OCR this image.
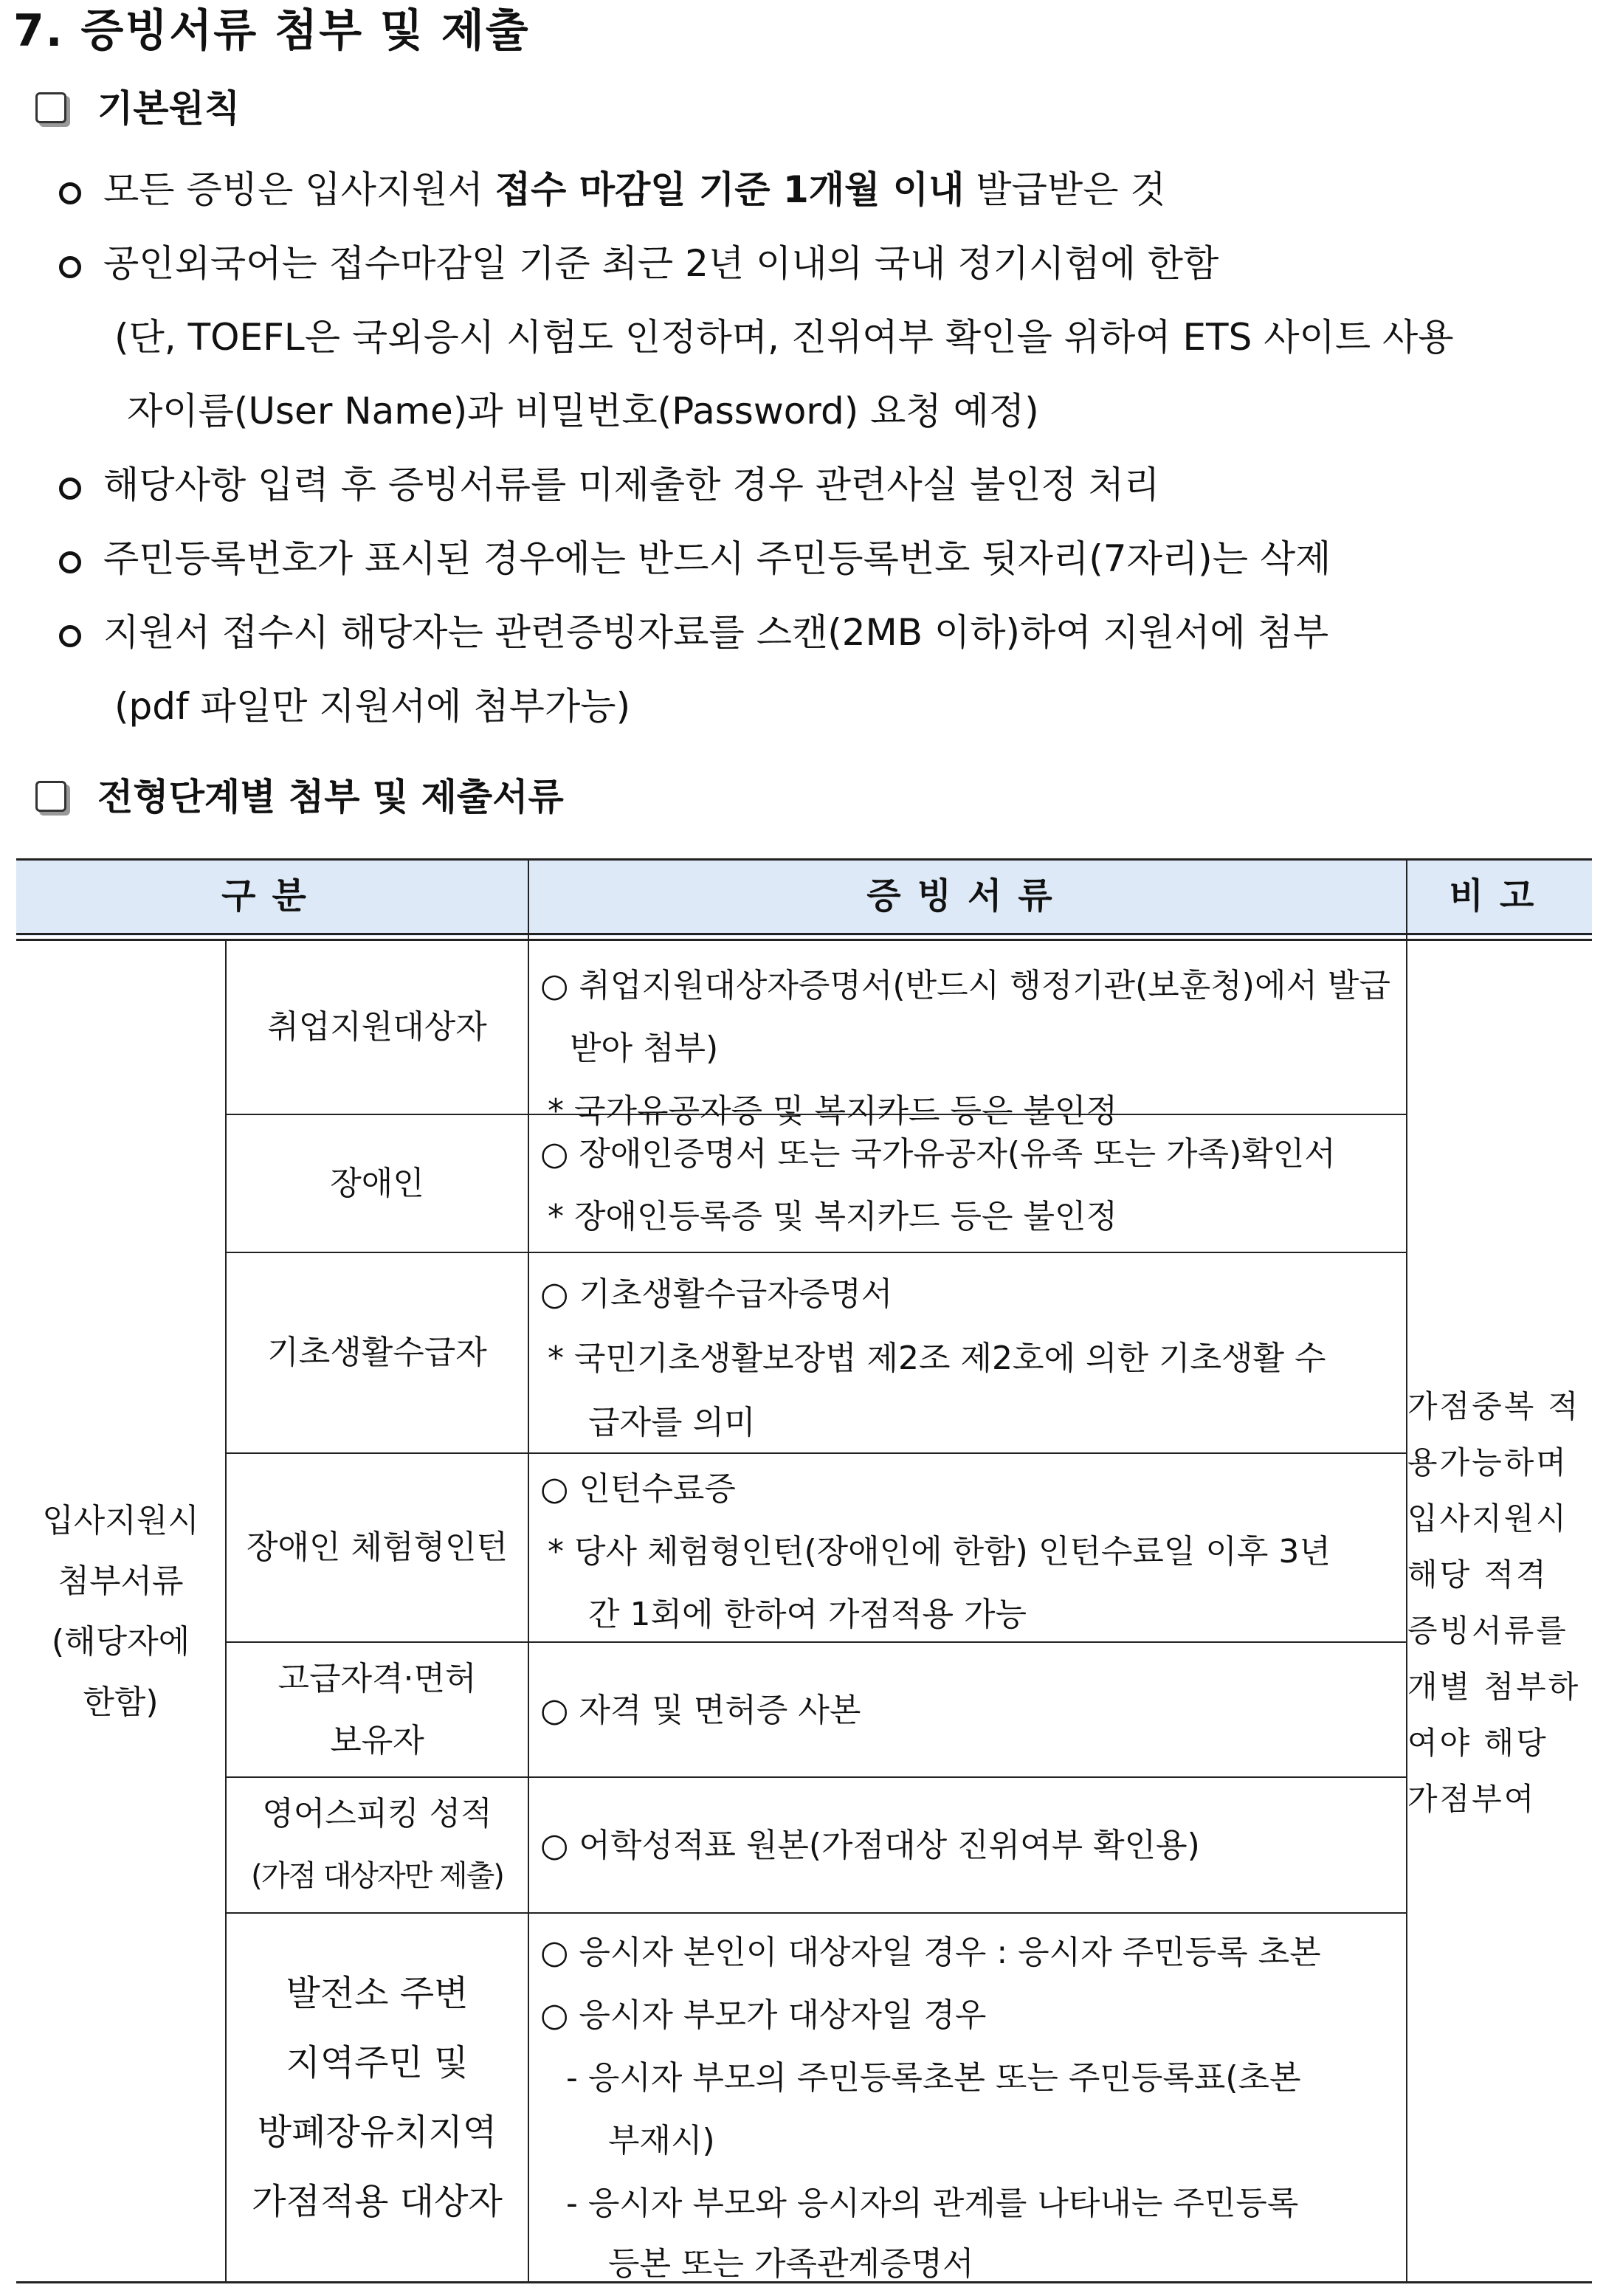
7. 증빙서류 첨부 및 제출
기본원칙
모든 증빙은 입사지원서 접수 마감일 기준 1개월 이내 발급받은 것
공인외국어는 접수마감일 기준 최근 2년 이내의 국내 정기시험에 한함
(단, TOEFL은 국외응시 시험도 인정하며, 진위여부 확인을 위하여 ETS 사이트 사용
자이름(User Name)과 비밀번호(Password) 요청 예정)
해당사항 입력 후 증빙서류를 미제출한 경우 관련사실 불인정 처리
주민등록번호가 표시된 경우에는 반드시 주민등록번호 뒷자리(7자리)는 삭제
지원서 접수시 해당자는 관련증빙자료를 스캔(2MB 이하)하여 지원서에 첨부
(pdf 파일만 지원서에 첨부가능)
전형단계별 첨부 및 제출서류
구분	증빙서류	비고
입사지원시
첨부서류
(해당자에
한함)
취업지원대상자
장애인
기초생활수급자
장애인 체험형인턴
고급자격·면허
보유자
영어스피킹 성적
(가점 대상자만 제출)
발전소 주변
지역주민 및
방폐장유치지역
가점적용 대상자
○ 취업지원대상자증명서(반드시 행정기관(보훈청)에서 발급
받아 첨부)
* 국가유공자증 및 복지카드 등은 불인정
○ 장애인증명서 또는 국가유공자(유족 또는 가족)확인서
* 장애인등록증 및 복지카드 등은 불인정
○ 기초생활수급자증명서
* 국민기초생활보장법 제2조 제2호에 의한 기초생활 수
급자를 의미
○ 인턴수료증
* 당사 체험형인턴(장애인에 한함) 인턴수료일 이후 3년
간 1회에 한하여 가점적용 가능
○ 자격 및 면허증 사본
○ 어학성적표 원본(가점대상 진위여부 확인용)
○ 응시자 본인이 대상자일 경우 : 응시자 주민등록 초본
○ 응시자 부모가 대상자일 경우
- 응시자 부모의 주민등록초본 또는 주민등록표(초본
부재시)
- 응시자 부모와 응시자의 관계를 나타내는 주민등록
등본 또는 가족관계증명서
가점중복 적
용가능하며
입사지원시
해당 적격
증빙서류를
개별 첨부하
여야 해당
가점부여
